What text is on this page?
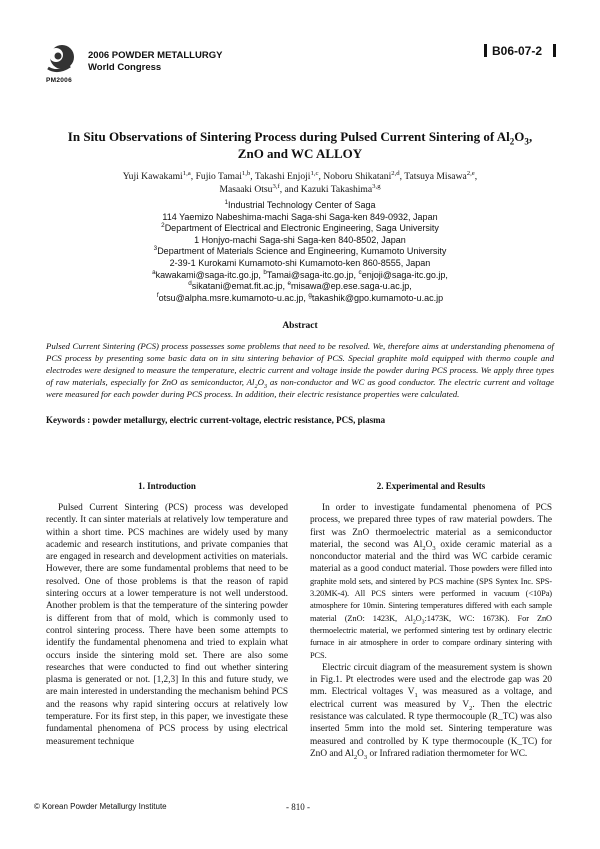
2006 POWDER METALLURGY
World Congress
PM2006
B06-07-2
In Situ Observations of Sintering Process during Pulsed Current Sintering of $Al_2O_3$,
ZnO and WC ALLOY
Yuji Kawakami$^{1,a}$, Fujio Tamai$^{1,b}$, Takashi Enjoji$^{1,c}$, Noboru Shikatani$^{2,d}$, Tatsuya Misawa$^{2,e}$,
Masaaki Otsu$^{3,f}$, and Kazuki Takashima$^{3,g}$
$^1$Industrial Technology Center of Saga
114 Yaemizo Nabeshima-machi Saga-shi Saga-ken 849-0932, Japan
$^2$Department of Electrical and Electronic Engineering, Saga University
1 Honjyo-machi Saga-shi Saga-ken 840-8502, Japan
$^3$Department of Materials Science and Engineering, Kumamoto University
2-39-1 Kurokami Kumamoto-shi Kumamoto-ken 860-8555, Japan
$^a$kawakami@saga-itc.go.jp, $^b$Tamai@saga-itc.go.jp, $^c$enjoji@saga-itc.go.jp,
$^d$sikatani@emat.fit.ac.jp, $^e$misawa@ep.ese.saga-u.ac.jp,
$^f$otsu@alpha.msre.kumamoto-u.ac.jp, $^g$takashik@gpo.kumamoto-u.ac.jp
Abstract
Pulsed Current Sintering (PCS) process possesses some problems that need to be resolved. We, therefore aims at understanding phenomena of PCS process by presenting some basic data on in situ sintering behavior of PCS. Special graphite mold equipped with thermo couple and electrodes were designed to measure the temperature, electric current and voltage inside the powder during PCS process. We apply three types of raw materials, especially for ZnO as semiconductor, $Al_2O_3$ as non-conductor and WC as good conductor. The electric current and voltage were measured for each powder during PCS process. In addition, their electric resistance properties were calculated.
Keywords : powder metallurgy, electric current-voltage, electric resistance, PCS, plasma
1. Introduction	2. Experimental and Results

Pulsed Current Sintering (PCS) process was developed recently. It can sinter materials at relatively low temperature and within a short time. PCS machines are widely used by many academic and research institutions, and private companies that are engaged in research and development activities on materials. However, there are some fundamental problems that need to be resolved. One of those problems is that the reason of rapid sintering occurs at a lower temperature is not well understood. Another problem is that the temperature of the sintering powder is different from that of mold, which is commonly used to control sintering process. There have been some attempts to identify the fundamental phenomena and tried to explain what occurs inside the sintering mold set. There are also some researches that were conducted to find out whether sintering plasma is generated or not. [1,2,3] In this and future study, we are main interested in understanding the mechanism behind PCS and the reasons why rapid sintering occurs at relatively low temperature. For its first step, in this paper, we investigate these fundamental phenomena of PCS process by using electrical measurement technique

In order to investigate fundamental phenomena of PCS process, we prepared three types of raw material powders. The first was ZnO thermoelectric material as a semiconductor material, the second was $Al_2O_3$ oxide ceramic material as a nonconductor material and the third was WC carbide ceramic material as a good conduct material. Those powders were filled into graphite mold sets, and sintered by PCS machine (SPS Syntex Inc. SPS-3.20MK-4). All PCS sinters were performed in vacuum (<10Pa) atmosphere for 10min. Sintering temperatures differed with each sample material (ZnO: 1423K, $Al_2O_3:1473K$, WC: 1673K). For ZnO thermoelectric material, we performed sintering test by ordinary electric furnace in air atmosphere in order to compare ordinary sintering with PCS.

Electric circuit diagram of the measurement system is shown in Fig.1. Pt electrodes were used and the electrode gap was 20 mm. Electrical voltages $V_1$ was measured as a voltage, and electrical current was measured by $V_2$. Then the electric resistance was calculated. R type thermocouple (R_TC) was also inserted 5mm into the mold set. Sintering temperature was measured and controlled by K type thermocouple (K_TC) for ZnO and $Al_2O_3$ or Infrared radiation thermometer for WC.

© Korean Powder Metallurgy Institute	- 810 -
